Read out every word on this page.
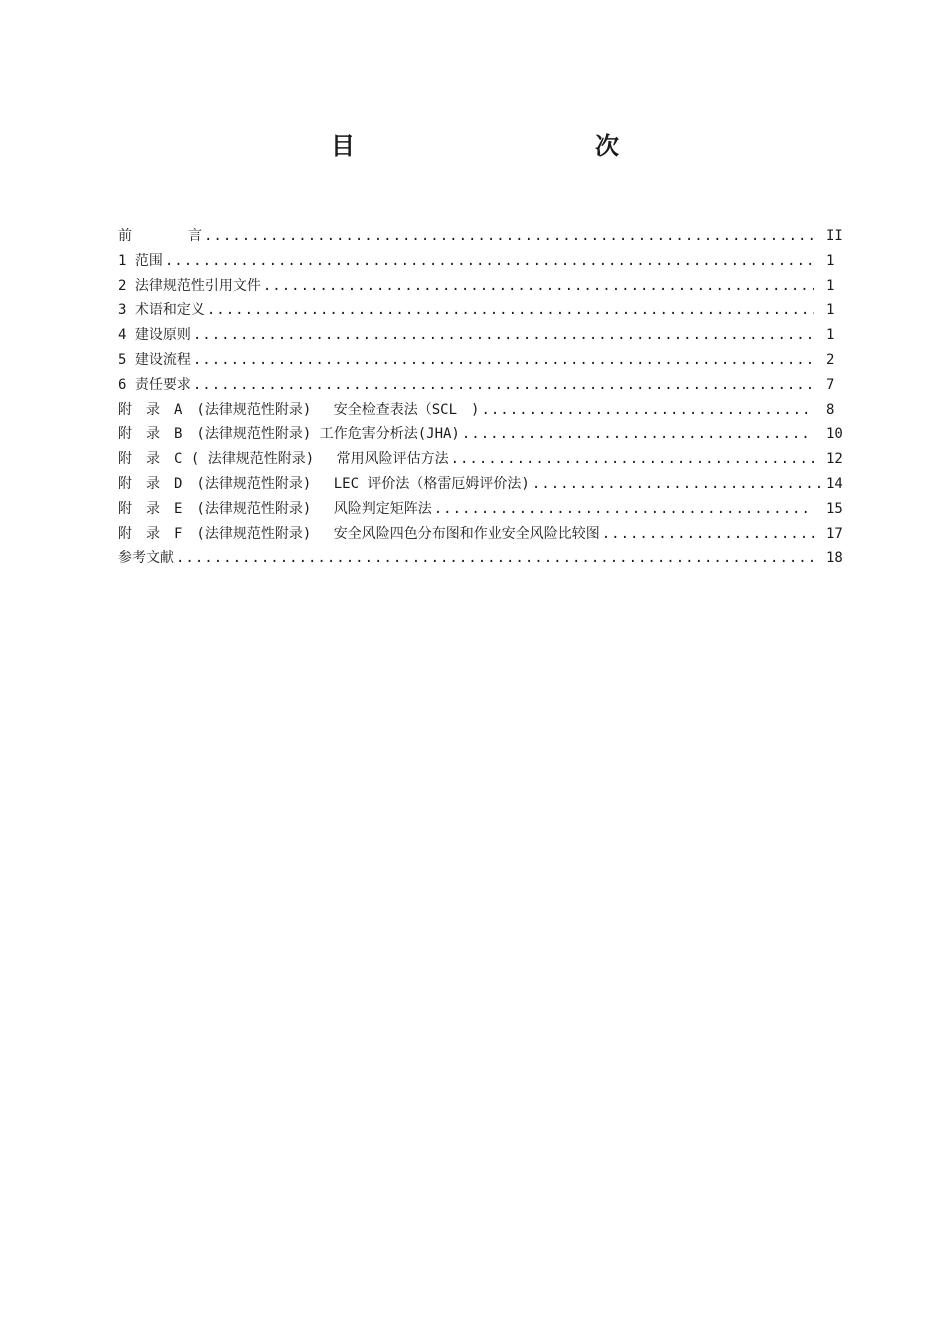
目　　次
前　　　　言 .....	II
1 范围 .....	1
2 法律规范性引用文件 .....	1
3 术语和定义 .....	1
4 建设原则 .....	1
5 建设流程 .....	2
6 责任要求 .....	7
附　录　A　(法律规范性附录)　 安全检查表法（SCL　) .....	8
附　录　B　(法律规范性附录) 工作危害分析法(JHA) .....	10
附　录　C ( 法律规范性附录)　 常用风险评估方法 .....	12
附　录　D　(法律规范性附录)　 LEC 评价法（格雷厄姆评价法) .....	14
附　录　E　(法律规范性附录)　 风险判定矩阵法 .....	15
附　录　F　(法律规范性附录)　 安全风险四色分布图和作业安全风险比较图 .....	17
参考文献 .....	18
